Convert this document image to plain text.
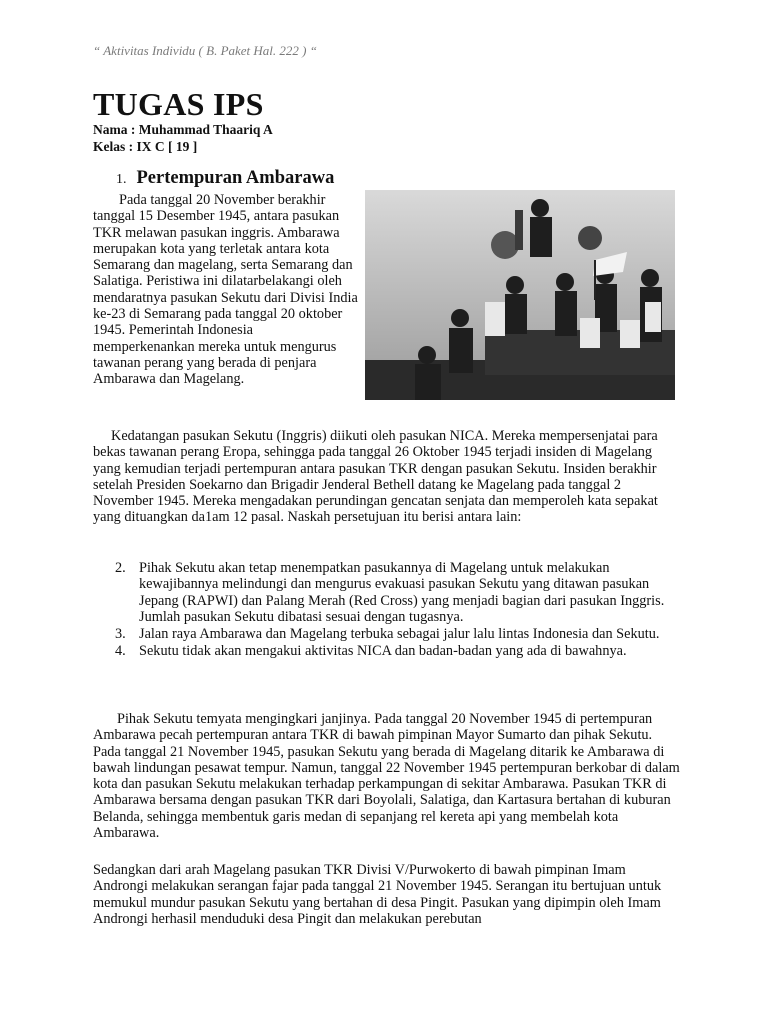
“ Aktivitas Individu ( B. Paket Hal. 222 ) “
TUGAS IPS
Nama : Muhammad Thaariq A
Kelas : IX C [ 19 ]
1. Pertempuran Ambarawa
Pada tanggal 20 November berakhir tanggal 15 Desember 1945, antara pasukan TKR melawan pasukan inggris. Ambarawa merupakan kota yang terletak antara kota Semarang dan magelang, serta Semarang dan Salatiga. Peristiwa ini dilatarbelakangi oleh mendaratnya pasukan Sekutu dari Divisi India ke-23 di Semarang pada tanggal 20 oktober 1945. Pemerintah Indonesia memperkenankan mereka untuk mengurus tawanan perang yang berada di penjara Ambarawa dan Magelang.
Kedatangan pasukan Sekutu (Inggris) diikuti oleh pasukan NICA. Mereka mempersenjatai para bekas tawanan perang Eropa, sehingga pada tanggal 26 Oktober 1945 terjadi insiden di Magelang yang kemudian terjadi pertempuran antara pasukan TKR dengan pasukan Sekutu. Insiden berakhir setelah Presiden Soekarno dan Brigadir Jenderal Bethell datang ke Magelang pada tanggal 2 November 1945. Mereka mengadakan perundingan gencatan senjata dan memperoleh kata sepakat yang dituangkan da1am 12 pasal. Naskah persetujuan itu berisi antara lain:
2. Pihak Sekutu akan tetap menempatkan pasukannya di Magelang untuk melakukan kewajibannya melindungi dan mengurus evakuasi pasukan Sekutu yang ditawan pasukan Jepang (RAPWI) dan Palang Merah (Red Cross) yang menjadi bagian dari pasukan Inggris. Jumlah pasukan Sekutu dibatasi sesuai dengan tugasnya.
3. Jalan raya Ambarawa dan Magelang terbuka sebagai jalur lalu lintas Indonesia dan Sekutu.
4. Sekutu tidak akan mengakui aktivitas NICA dan badan-badan yang ada di bawahnya.
Pihak Sekutu temyata mengingkari janjinya. Pada tanggal 20 November 1945 di pertempuran Ambarawa pecah pertempuran antara TKR di bawah pimpinan Mayor Sumarto dan pihak Sekutu. Pada tanggal 21 November 1945, pasukan Sekutu yang berada di Magelang ditarik ke Ambarawa di bawah lindungan pesawat tempur. Namun, tanggal 22 November 1945 pertempuran berkobar di dalam kota dan pasukan Sekutu melakukan terhadap perkampungan di sekitar Ambarawa. Pasukan TKR di Ambarawa bersama dengan pasukan TKR dari Boyolali, Salatiga, dan Kartasura bertahan di kuburan Belanda, sehingga membentuk garis medan di sepanjang rel kereta api yang membelah kota Ambarawa.
Sedangkan dari arah Magelang pasukan TKR Divisi V/Purwokerto di bawah pimpinan Imam Androngi melakukan serangan fajar pada tanggal 21 November 1945. Serangan itu bertujuan untuk memukul mundur pasukan Sekutu yang bertahan di desa Pingit. Pasukan yang dipimpin oleh Imam Androngi herhasil menduduki desa Pingit dan melakukan perebutan
